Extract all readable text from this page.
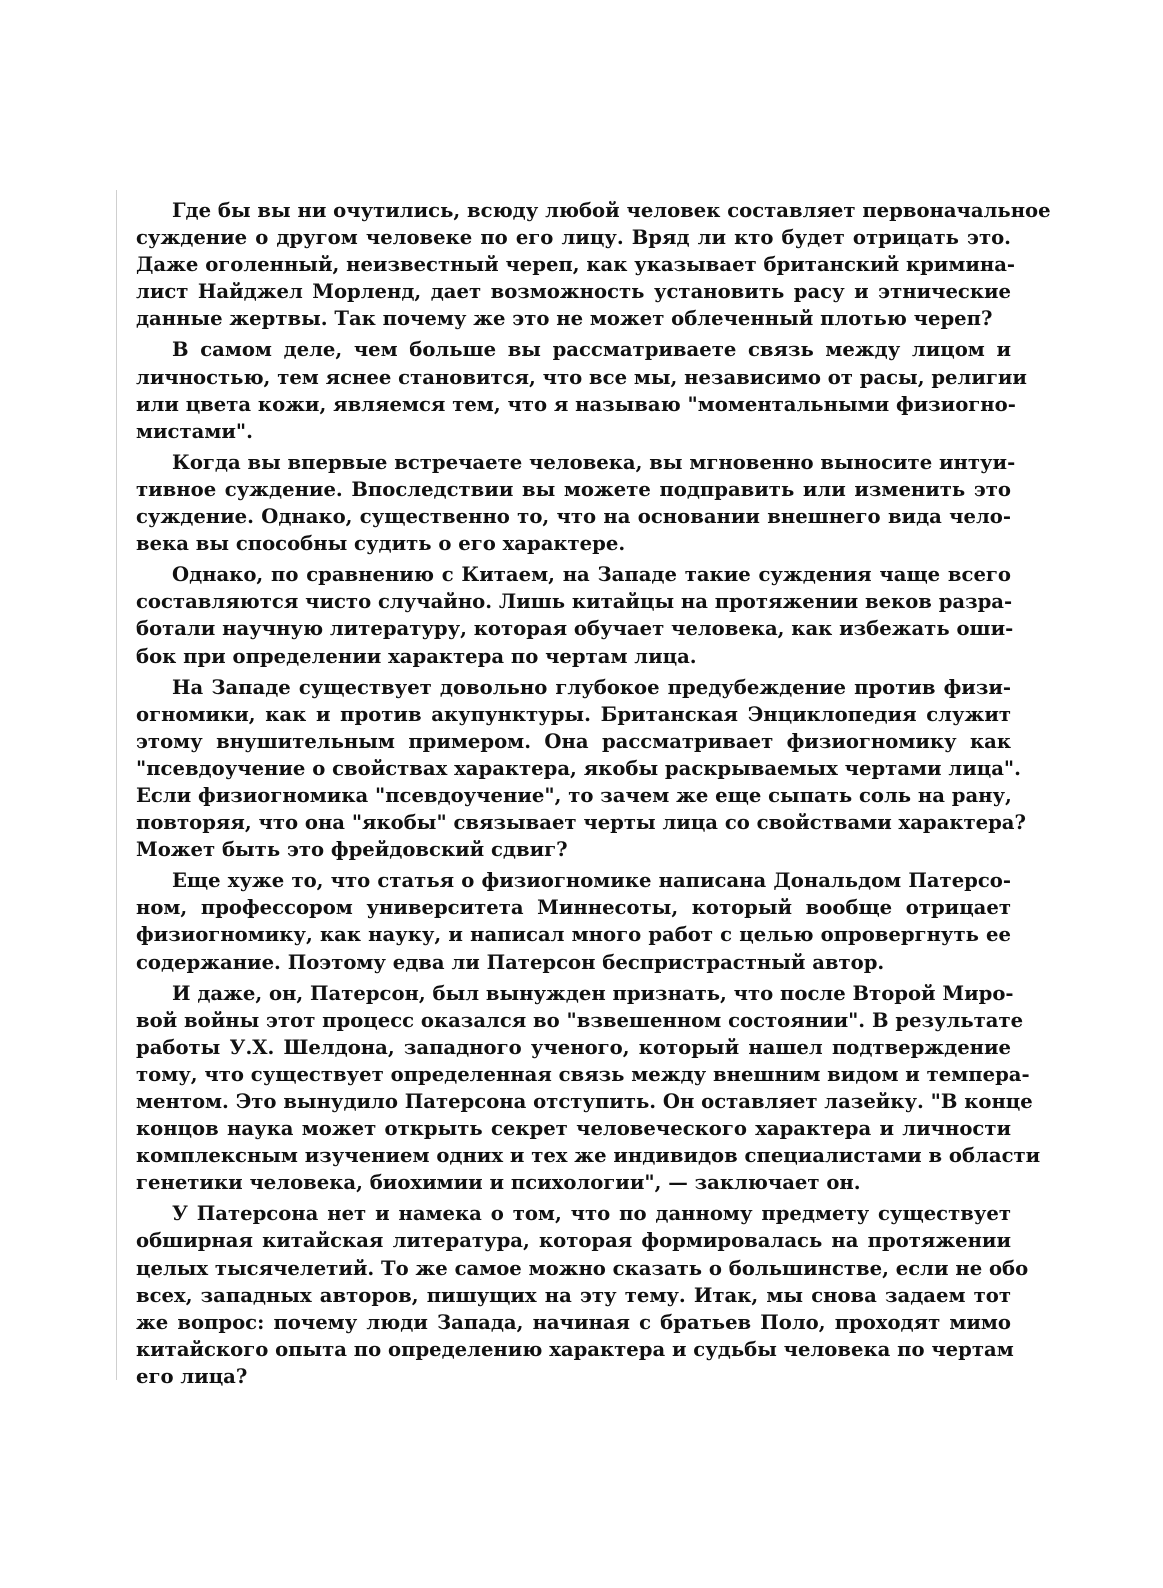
Где бы вы ни очутились, всюду любой человек составляет первоначальное
суждение о другом человеке по его лицу. Вряд ли кто будет отрицать это.
Даже оголенный, неизвестный череп, как указывает британский кримина-
лист Найджел Морленд, дает возможность установить расу и этнические
данные жертвы. Так почему же это не может облеченный плотью череп?

В самом деле, чем больше вы рассматриваете связь между лицом и
личностью, тем яснее становится, что все мы, независимо от расы, религии
или цвета кожи, являемся тем, что я называю "моментальными физиогно-
мистами".

Когда вы впервые встречаете человека, вы мгновенно выносите интуи-
тивное суждение. Впоследствии вы можете подправить или изменить это
суждение. Однако, существенно то, что на основании внешнего вида чело-
века вы способны судить о его характере.

Однако, по сравнению с Китаем, на Западе такие суждения чаще всего
составляются чисто случайно. Лишь китайцы на протяжении веков разра-
ботали научную литературу, которая обучает человека, как избежать оши-
бок при определении характера по чертам лица.

На Западе существует довольно глубокое предубеждение против физи-
огномики, как и против акупунктуры. Британская Энциклопедия служит
этому внушительным примером. Она рассматривает физиогномику как
"псевдоучение о свойствах характера, якобы раскрываемых чертами лица".
Если физиогномика "псевдоучение", то зачем же еще сыпать соль на рану,
повторяя, что она "якобы" связывает черты лица со свойствами характера?
Может быть это фрейдовский сдвиг?

Еще хуже то, что статья о физиогномике написана Дональдом Патерсо-
ном, профессором университета Миннесоты, который вообще отрицает
физиогномику, как науку, и написал много работ с целью опровергнуть ее
содержание. Поэтому едва ли Патерсон беспристрастный автор.

И даже, он, Патерсон, был вынужден признать, что после Второй Миро-
вой войны этот процесс оказался во "взвешенном состоянии". В результате
работы У.Х. Шелдона, западного ученого, который нашел подтверждение
тому, что существует определенная связь между внешним видом и темпера-
ментом. Это вынудило Патерсона отступить. Он оставляет лазейку. "В конце
концов наука может открыть секрет человеческого характера и личности
комплексным изучением одних и тех же индивидов специалистами в области
генетики человека, биохимии и психологии", — заключает он.

У Патерсона нет и намека о том, что по данному предмету существует
обширная китайская литература, которая формировалась на протяжении
целых тысячелетий. То же самое можно сказать о большинстве, если не обо
всех, западных авторов, пишущих на эту тему. Итак, мы снова задаем тот
же вопрос: почему люди Запада, начиная с братьев Поло, проходят мимо
китайского опыта по определению характера и судьбы человека по чертам
его лица?
